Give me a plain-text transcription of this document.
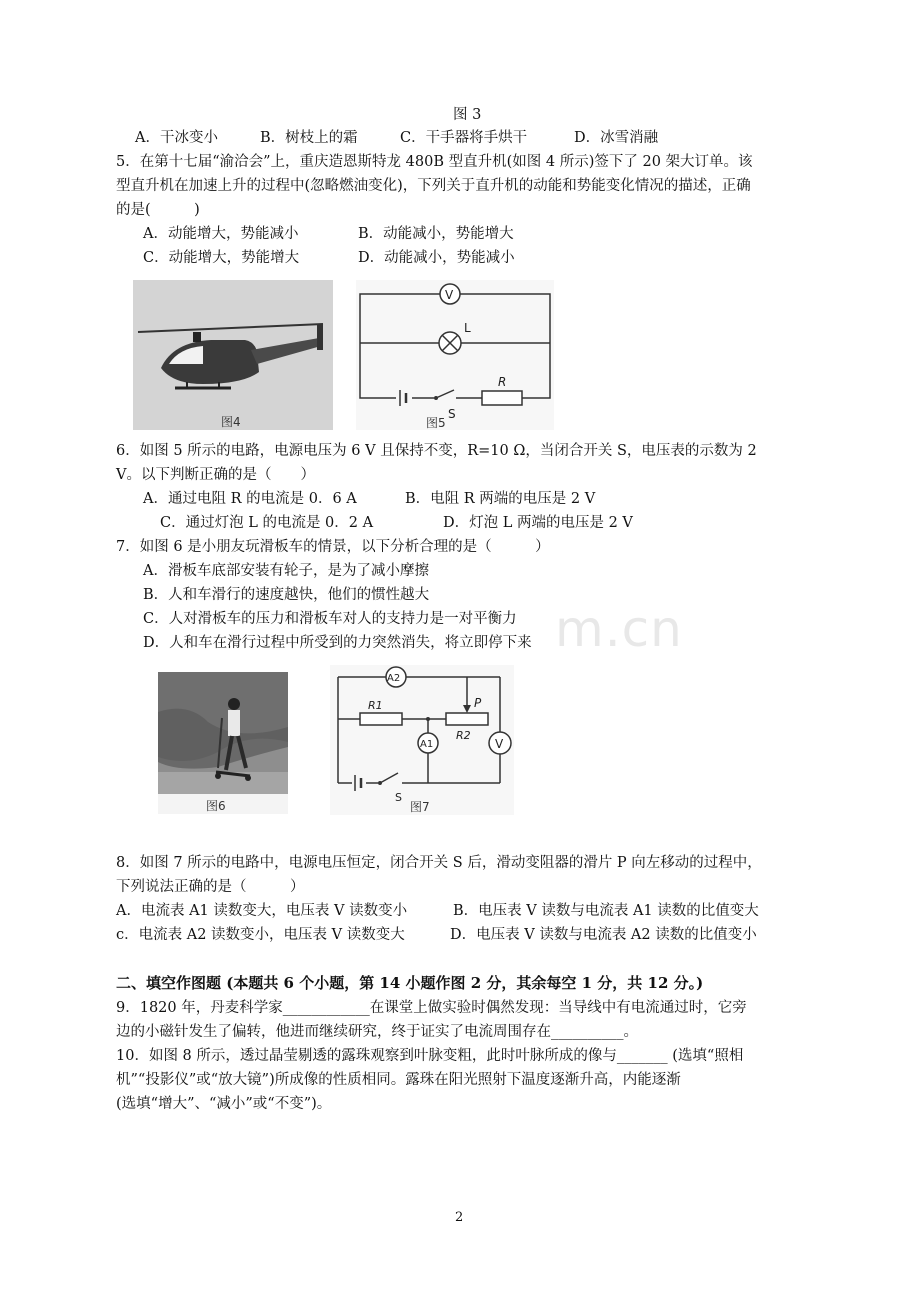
m.cn
图 3
A．干冰变小	B．树枝上的霜	C．干手器将手烘干	D．冰雪消融
5．在第十七届“渝洽会”上，重庆造恩斯特龙 480B 型直升机(如图 4 所示)签下了 20 架大订单。该
型直升机在加速上升的过程中(忽略燃油变化)，下列关于直升机的动能和势能变化情况的描述，正确
的是(　　　)
A．动能增大，势能减小	B．动能减小，势能增大
C．动能增大，势能增大	D．动能减小，势能减小
图4
V
L
S
R
图5
6．如图 5 所示的电路，电源电压为 6 V 且保持不变，R=10 Ω，当闭合开关 S，电压表的示数为 2
V。以下判断正确的是（　　）
A．通过电阻 R 的电流是 0．6 A	B．电阻 R 两端的电压是 2 V
C．通过灯泡 L 的电流是 0．2 A	D．灯泡 L 两端的电压是 2 V
7．如图 6 是小朋友玩滑板车的情景，以下分析合理的是（　　　）
A．滑板车底部安装有轮子，是为了减小摩擦
B．人和车滑行的速度越快，他们的惯性越大
C．人对滑板车的压力和滑板车对人的支持力是一对平衡力
D．人和车在滑行过程中所受到的力突然消失，将立即停下来
图6
A2
R1
R2
P
A1	V
S
图7
8．如图 7 所示的电路中，电源电压恒定，闭合开关 S 后，滑动变阻器的滑片 P 向左移动的过程中，
下列说法正确的是（　　　）
A．电流表 A1 读数变大，电压表 V 读数变小	B．电压表 V 读数与电流表 A1 读数的比值变大
c．电流表 A2 读数变小，电压表 V 读数变大	D．电压表 V 读数与电流表 A2 读数的比值变小
二、填空作图题 (本题共 6 个小题，第 14 小题作图 2 分，其余每空 1 分，共 12 分。)
9．1820 年，丹麦科学家____________在课堂上做实验时偶然发现：当导线中有电流通过时，它旁
边的小磁针发生了偏转，他进而继续研究，终于证实了电流周围存在__________。
10．如图 8 所示，透过晶莹剔透的露珠观察到叶脉变粗，此时叶脉所成的像与_______ (选填“照相
机”“投影仪”或“放大镜”)所成像的性质相同。露珠在阳光照射下温度逐渐升高，内能逐渐
(选填“增大”、“减小”或“不变”)。
2
